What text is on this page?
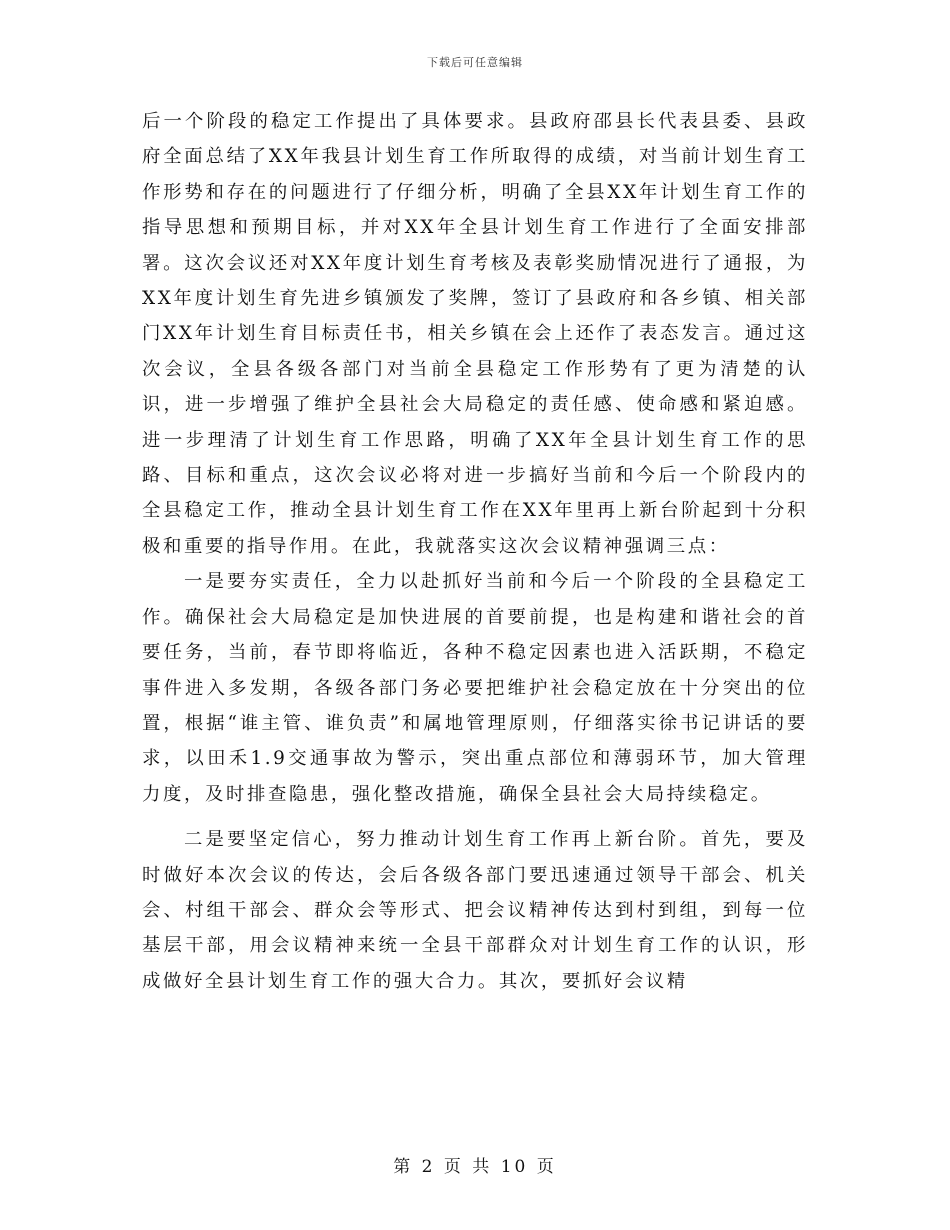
下载后可任意编辑

后一个阶段的稳定工作提出了具体要求。县政府邵县长代表县委、县政府全面总结了XX年我县计划生育工作所取得的成绩，对当前计划生育工作形势和存在的问题进行了仔细分析，明确了全县XX年计划生育工作的指导思想和预期目标，并对XX年全县计划生育工作进行了全面安排部署。这次会议还对XX年度计划生育考核及表彰奖励情况进行了通报，为XX年度计划生育先进乡镇颁发了奖牌，签订了县政府和各乡镇、相关部门XX年计划生育目标责任书，相关乡镇在会上还作了表态发言。通过这次会议，全县各级各部门对当前全县稳定工作形势有了更为清楚的认识，进一步增强了维护全县社会大局稳定的责任感、使命感和紧迫感。进一步理清了计划生育工作思路，明确了XX年全县计划生育工作的思路、目标和重点，这次会议必将对进一步搞好当前和今后一个阶段内的全县稳定工作，推动全县计划生育工作在XX年里再上新台阶起到十分积极和重要的指导作用。在此，我就落实这次会议精神强调三点：

一是要夯实责任，全力以赴抓好当前和今后一个阶段的全县稳定工作。确保社会大局稳定是加快进展的首要前提，也是构建和谐社会的首要任务，当前，春节即将临近，各种不稳定因素也进入活跃期，不稳定事件进入多发期，各级各部门务必要把维护社会稳定放在十分突出的位置，根据“谁主管、谁负责”和属地管理原则，仔细落实徐书记讲话的要求，以田禾1.9交通事故为警示，突出重点部位和薄弱环节，加大管理力度，及时排查隐患，强化整改措施，确保全县社会大局持续稳定。

二是要坚定信心，努力推动计划生育工作再上新台阶。首先，要及时做好本次会议的传达，会后各级各部门要迅速通过领导干部会、机关会、村组干部会、群众会等形式、把会议精神传达到村到组，到每一位基层干部，用会议精神来统一全县干部群众对计划生育工作的认识，形成做好全县计划生育工作的强大合力。其次，要抓好会议精

第 2 页 共 10 页
